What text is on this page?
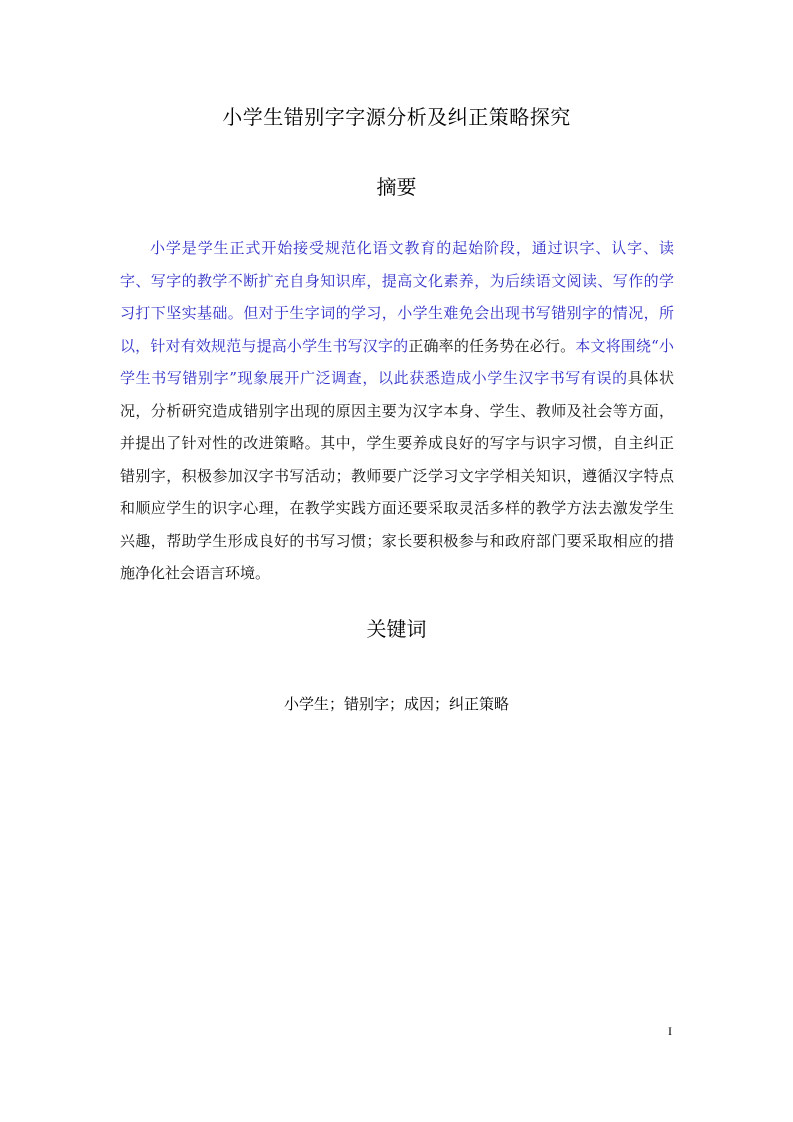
小学生错别字字源分析及纠正策略探究
摘要

小学是学生正式开始接受规范化语文教育的起始阶段，通过识字、认字、读字、写字的教学不断扩充自身知识库，提高文化素养，为后续语文阅读、写作的学习打下坚实基础。但对于生字词的学习，小学生难免会出现书写错别字的情况，所以，针对有效规范与提高小学生书写汉字的正确率的任务势在必行。本文将围绕“小学生书写错别字”现象展开广泛调查，以此获悉造成小学生汉字书写有误的具体状况，分析研究造成错别字出现的原因主要为汉字本身、学生、教师及社会等方面，并提出了针对性的改进策略。其中，学生要养成良好的写字与识字习惯，自主纠正错别字，积极参加汉字书写活动；教师要广泛学习文字学相关知识，遵循汉字特点和顺应学生的识字心理，在教学实践方面还要采取灵活多样的教学方法去激发学生兴趣，帮助学生形成良好的书写习惯；家长要积极参与和政府部门要采取相应的措施净化社会语言环境。

关键词
小学生；错别字；成因；纠正策略
I
